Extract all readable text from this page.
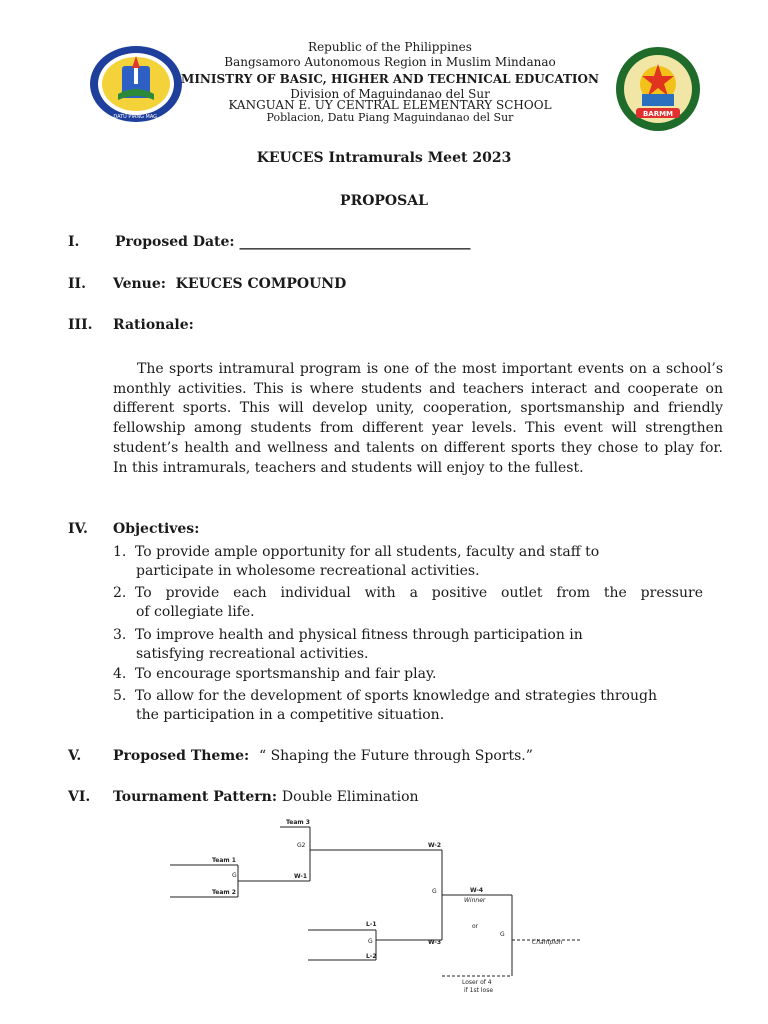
DATU PIANG MAG.	BARMM
Republic of the Philippines
Bangsamoro Autonomous Region in Muslim Mindanao
MINISTRY OF BASIC, HIGHER AND TECHNICAL EDUCATION
Division of Maguindanao del Sur
KANGUAN E. UY CENTRAL ELEMENTARY SCHOOL
Poblacion, Datu Piang Maguindanao del Sur
KEUCES Intramurals Meet 2023
PROPOSAL
I.	Proposed Date: _________________________________
II. Venue: KEUCES COMPOUND
III. Rationale:
The sports intramural program is one of the most important events on a school’s monthly activities. This is where students and teachers interact and cooperate on different sports. This will develop unity, cooperation, sportsmanship and friendly fellowship among students from different year levels. This event will strengthen student’s health and wellness and talents on different sports they chose to play for. In this intramurals, teachers and students will enjoy to the fullest.
IV. Objectives:
1. To provide ample opportunity for all students, faculty and staff to
participate in wholesome recreational activities.
2. To provide each individual with a positive outlet from the pressure
of collegiate life.
3. To improve health and physical fitness through participation in
satisfying recreational activities.
4. To encourage sportsmanship and fair play.
5. To allow for the development of sports knowledge and strategies through
the participation in a competitive situation.
V. Proposed Theme: “ Shaping the Future through Sports.”
VI. Tournament Pattern: Double Elimination
Team 1
G
Team 2
Team 3
G2
W-1
W-2
G	W-4
Winner
L-1
G
L-2
W-3
or
G
Champion
Loser of 4
if 1st lose
